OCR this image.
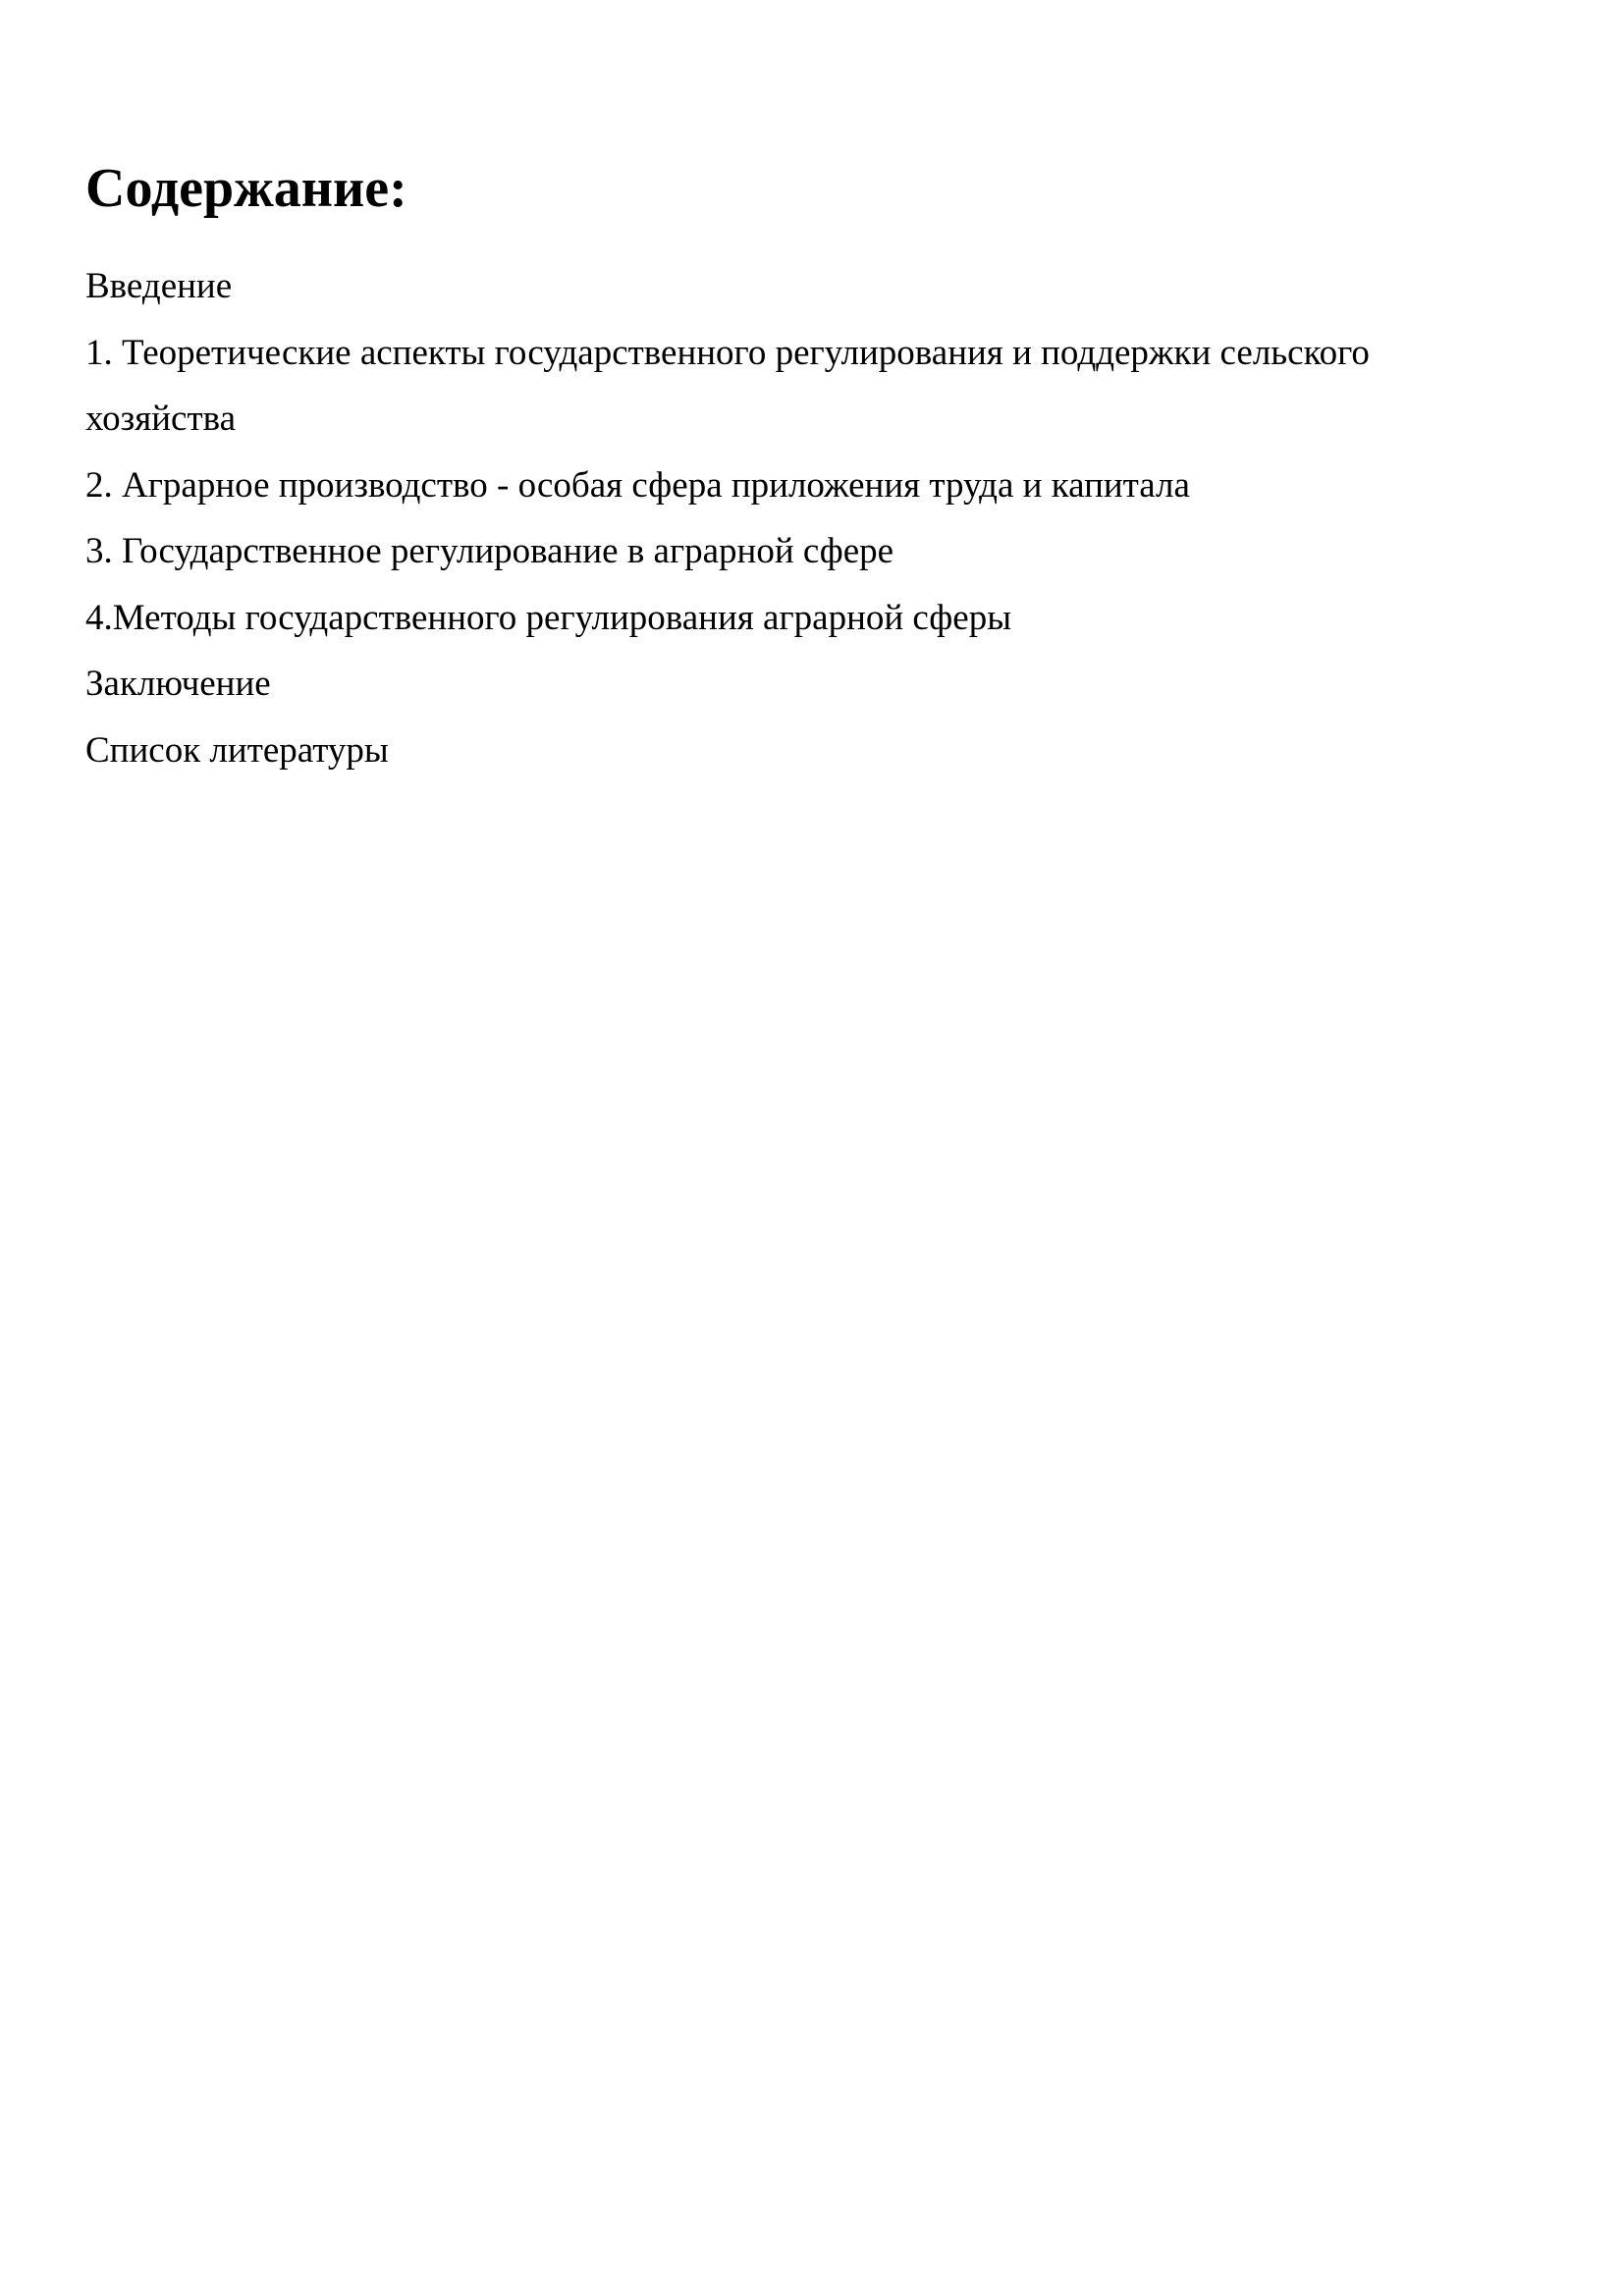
Содержание:
Введение
1. Теоретические аспекты государственного регулирования и поддержки сельского
хозяйства
2. Аграрное производство - особая сфера приложения труда и капитала
3. Государственное регулирование в аграрной сфере
4.Методы государственного регулирования аграрной сферы
Заключение
Список литературы
